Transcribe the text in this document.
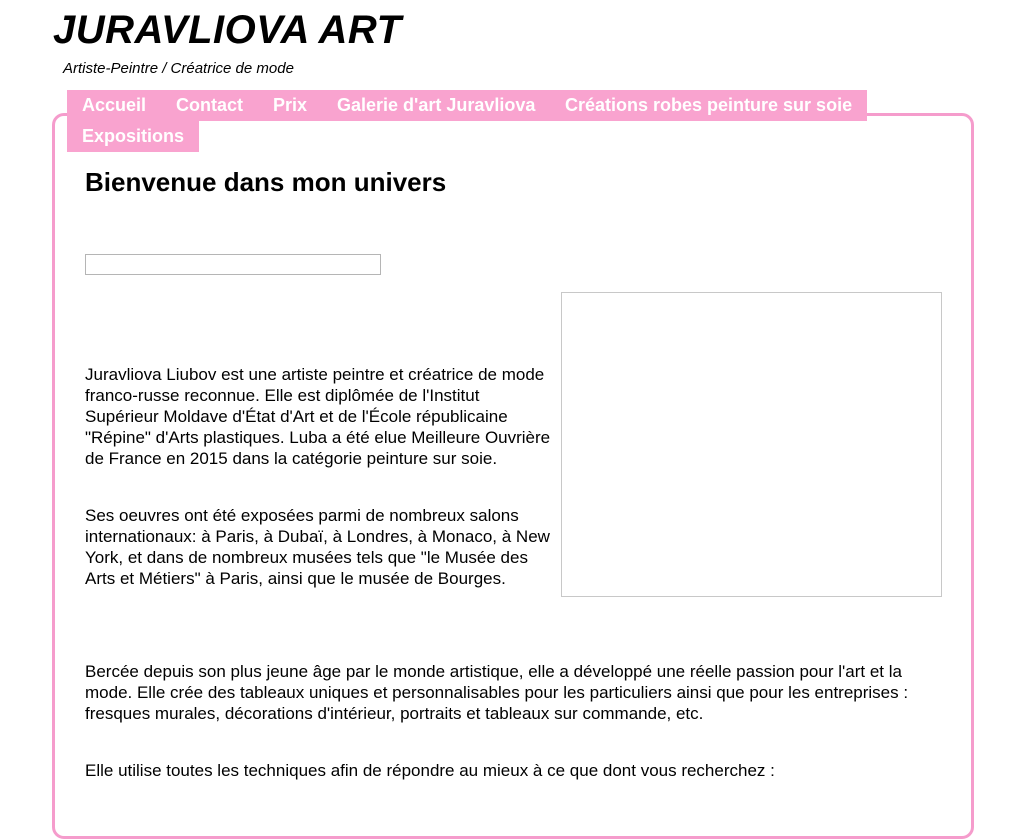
JURAVLIOVA ART
Artiste-Peintre / Créatrice de mode
Accueil	Contact	Prix	Galerie d'art Juravliova	Créations robes peinture sur soie
Expositions
Bienvenue dans mon univers

Juravliova Liubov est une artiste peintre et créatrice de mode franco-russe reconnue. Elle est diplômée de l'Institut Supérieur Moldave d'État d'Art et de l'École républicaine "Répine" d'Arts plastiques. Luba a été elue Meilleure Ouvrière de France en 2015 dans la catégorie peinture sur soie.

Ses oeuvres ont été exposées parmi de nombreux salons internationaux: à Paris, à Dubaï, à Londres, à Monaco, à New York, et dans de nombreux musées tels que "le Musée des Arts et Métiers" à Paris, ainsi que le musée de Bourges.

Bercée depuis son plus jeune âge par le monde artistique, elle a développé une réelle passion pour l'art et la mode. Elle crée des tableaux uniques et personnalisables pour les particuliers ainsi que pour les entreprises : fresques murales, décorations d'intérieur, portraits et tableaux sur commande, etc.

Elle utilise toutes les techniques afin de répondre au mieux à ce que dont vous recherchez :
